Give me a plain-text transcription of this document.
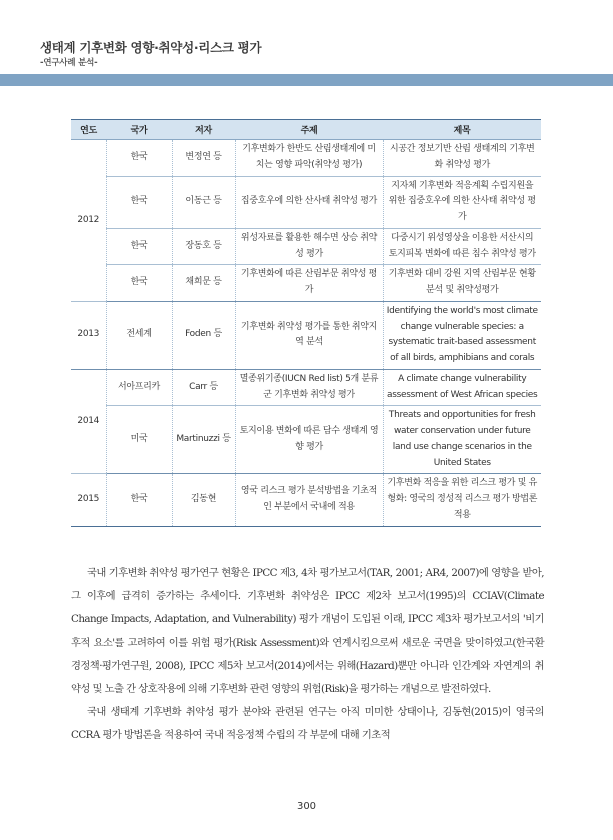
생태계 기후변화 영향·취약성·리스크 평가
-연구사례 분석-
연도	국가	저자	주제	제목
2012	한국	변정연 등	기후변화가 한반도 산림생태계에 미치는 영향 파악(취약성 평가)	시공간 정보기반 산림 생태계의 기후변화 취약성 평가
	한국	이동근 등	집중호우에 의한 산사태 취약성 평가	지자체 기후변화 적응계획 수립지원을 위한 집중호우에 의한 산사태 취약성 평가
	한국	장동호 등	위성자료를 활용한 해수면 상승 취약성 평가	다중시기 위성영상을 이용한 서산시의 토지피복 변화에 따른 침수 취약성 평가
	한국	채희문 등	기후변화에 따른 산림부문 취약성 평가	기후변화 대비 강원 지역 산림부문 현황 분석 및 취약성평가
2013	전세계	Foden 등	기후변화 취약성 평가를 통한 취약지역 분석	Identifying the world's most climate change vulnerable species: a systematic trait-based assessment of all birds, amphibians and corals
2014	서아프리카	Carr 등	멸종위기종(IUCN Red list) 5개 분류군 기후변화 취약성 평가	A climate change vulnerability assessment of West African species
	미국	Martinuzzi 등	토지이용 변화에 따른 담수 생태계 영향 평가	Threats and opportunities for fresh water conservation under future land use change scenarios in the United States
2015	한국	김동현	영국 리스크 평가 분석방법을 기초적인 부분에서 국내에 적용	기후변화 적응을 위한 리스크 평가 및 유형화: 영국의 정성적 리스크 평가 방법론 적용

국내 기후변화 취약성 평가연구 현황은 IPCC 제3, 4차 평가보고서(TAR, 2001; AR4, 2007)에 영향을 받아, 그 이후에 급격히 증가하는 추세이다. 기후변화 취약성은 IPCC 제2차 보고서(1995)의 CCIAV(Climate Change Impacts, Adaptation, and Vulnerability) 평가 개념이 도입된 이래, IPCC 제3차 평가보고서의 '비기후적 요소'를 고려하여 이를 위험 평가(Risk Assessment)와 연계시킴으로써 새로운 국면을 맞이하였고(한국환경정책·평가연구원, 2008), IPCC 제5차 보고서(2014)에서는 위해(Hazard)뿐만 아니라 인간계와 자연계의 취약성 및 노출 간 상호작용에 의해 기후변화 관련 영향의 위험(Risk)을 평가하는 개념으로 발전하였다.

국내 생태계 기후변화 취약성 평가 분야와 관련된 연구는 아직 미미한 상태이나, 김동현(2015)이 영국의 CCRA 평가 방법론을 적용하여 국내 적응정책 수립의 각 부문에 대해 기초적

300
